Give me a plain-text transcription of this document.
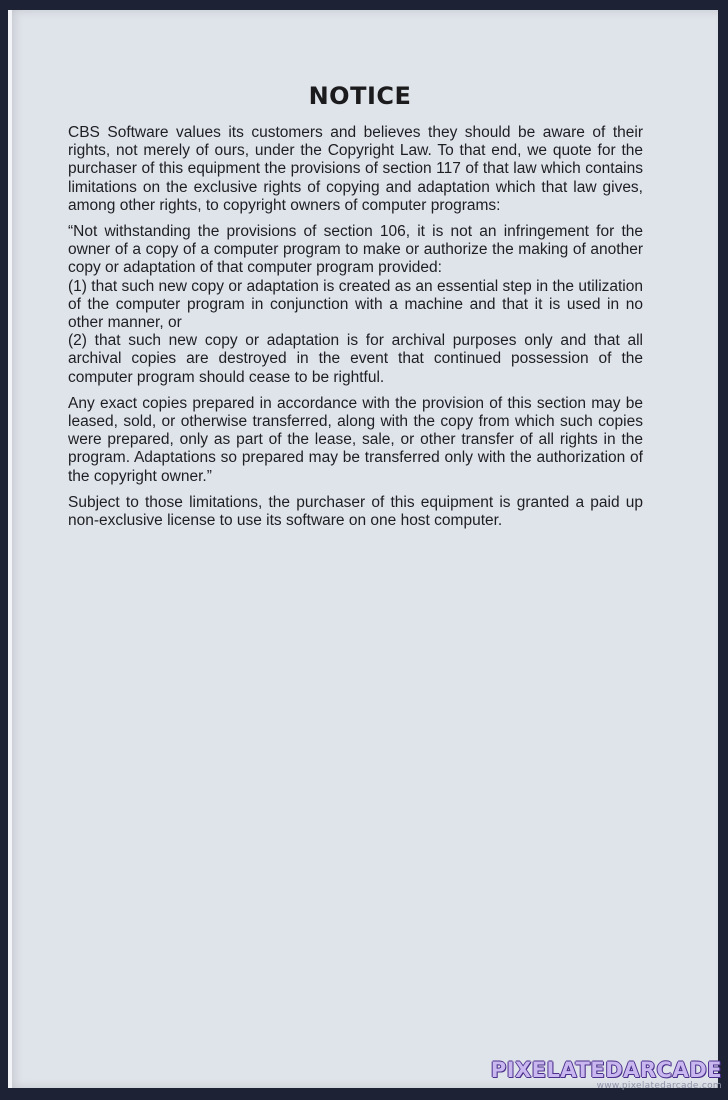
NOTICE

CBS Software values its customers and believes they should be aware of their rights, not merely of ours, under the Copyright Law. To that end, we quote for the purchaser of this equipment the provisions of section 117 of that law which contains limitations on the exclusive rights of copying and adaptation which that law gives, among other rights, to copyright owners of computer programs:

“Not withstanding the provisions of section 106, it is not an infringement for the owner of a copy of a computer program to make or authorize the making of another copy or adaptation of that computer program provided:

(1) that such new copy or adaptation is created as an essential step in the utilization of the computer program in conjunction with a machine and that it is used in no other manner, or

(2) that such new copy or adaptation is for archival purposes only and that all archival copies are destroyed in the event that continued possession of the computer program should cease to be rightful.

Any exact copies prepared in accordance with the provision of this section may be leased, sold, or otherwise transferred, along with the copy from which such copies were prepared, only as part of the lease, sale, or other transfer of all rights in the program. Adaptations so prepared may be transferred only with the authorization of the copyright owner.”

Subject to those limitations, the purchaser of this equipment is granted a paid up non-exclusive license to use its software on one host computer.

PIXELATEDARCADE
www.pixelatedarcade.com
